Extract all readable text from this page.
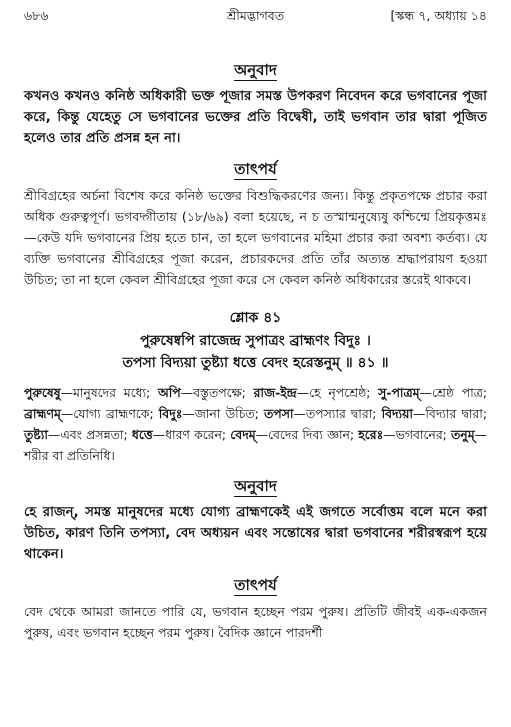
৬৮৬	শ্রীমদ্ভাগবত	[স্কন্ধ ৭, অধ্যায় ১৪
অনুবাদ

কখনও কখনও কনিষ্ঠ অধিকারী ভক্ত পূজার সমস্ত উপকরণ নিবেদন করে ভগবানের পূজা করে, কিন্তু যেহেতু সে ভগবানের ভক্তের প্রতি বিদ্বেষী, তাই ভগবান তার দ্বারা পূজিত হলেও তার প্রতি প্রসন্ন হন না।

তাৎপর্য

শ্রীবিগ্রহের অর্চনা বিশেষ করে কনিষ্ঠ ভক্তের বিশুদ্ধিকরণের জন্য। কিন্তু প্রকৃতপক্ষে প্রচার করা অধিক গুরুত্বপূর্ণ। ভগবদ্গীতায় (১৮/৬৯) বলা হয়েছে, ন চ তস্মান্মনুষ্যেষু কশ্চিন্মে প্রিয়কৃত্তমঃ—কেউ যদি ভগবানের প্রিয় হতে চান, তা হলে ভগবানের মহিমা প্রচার করা অবশ্য কর্তব্য। যে ব্যক্তি ভগবানের শ্রীবিগ্রহের পূজা করেন, প্রচারকদের প্রতি তাঁর অত্যন্ত শ্রদ্ধাপরায়ণ হওয়া উচিত; তা না হলে কেবল শ্রীবিগ্রহের পূজা করে সে কেবল কনিষ্ঠ অধিকারের স্তরেই থাকবে।

শ্লোক ৪১

পুরুষেষ্বপি রাজেন্দ্র সুপাত্রং ব্রাহ্মণং বিদুঃ ।

তপসা বিদ্যয়া তুষ্ট্যা ধত্তে বেদং হরেস্তনুম্ ॥ ৪১ ॥

পুরুষেষু—মানুষদের মধ্যে; অপি—বস্তুতপক্ষে; রাজ-ইন্দ্র—হে নৃপশ্রেষ্ঠ; সু-পাত্রম্—শ্রেষ্ঠ পাত্র; ব্রাহ্মণম্—যোগ্য ব্রাহ্মণকে; বিদুঃ—জানা উচিত; তপসা—তপস্যার দ্বারা; বিদ্যয়া—বিদ্যার দ্বারা; তুষ্ট্যা—এবং প্রসন্নতা; ধত্তে—ধারণ করেন; বেদম্—বেদের দিব্য জ্ঞান; হরেঃ—ভগবানের; তনুম্—শরীর বা প্রতিনিধি।

অনুবাদ

হে রাজন্, সমস্ত মানুষদের মধ্যে যোগ্য ব্রাহ্মণকেই এই জগতে সর্বোত্তম বলে মনে করা উচিত, কারণ তিনি তপস্যা, বেদ অধ্যয়ন এবং সন্তোষের দ্বারা ভগবানের শরীরস্বরূপ হয়ে থাকেন।

তাৎপর্য

বেদ থেকে আমরা জানতে পারি যে, ভগবান হচ্ছেন পরম পুরুষ। প্রতিটি জীবই এক-একজন পুরুষ, এবং ভগবান হচ্ছেন পরম পুরুষ। বৈদিক জ্ঞানে পারদর্শী
